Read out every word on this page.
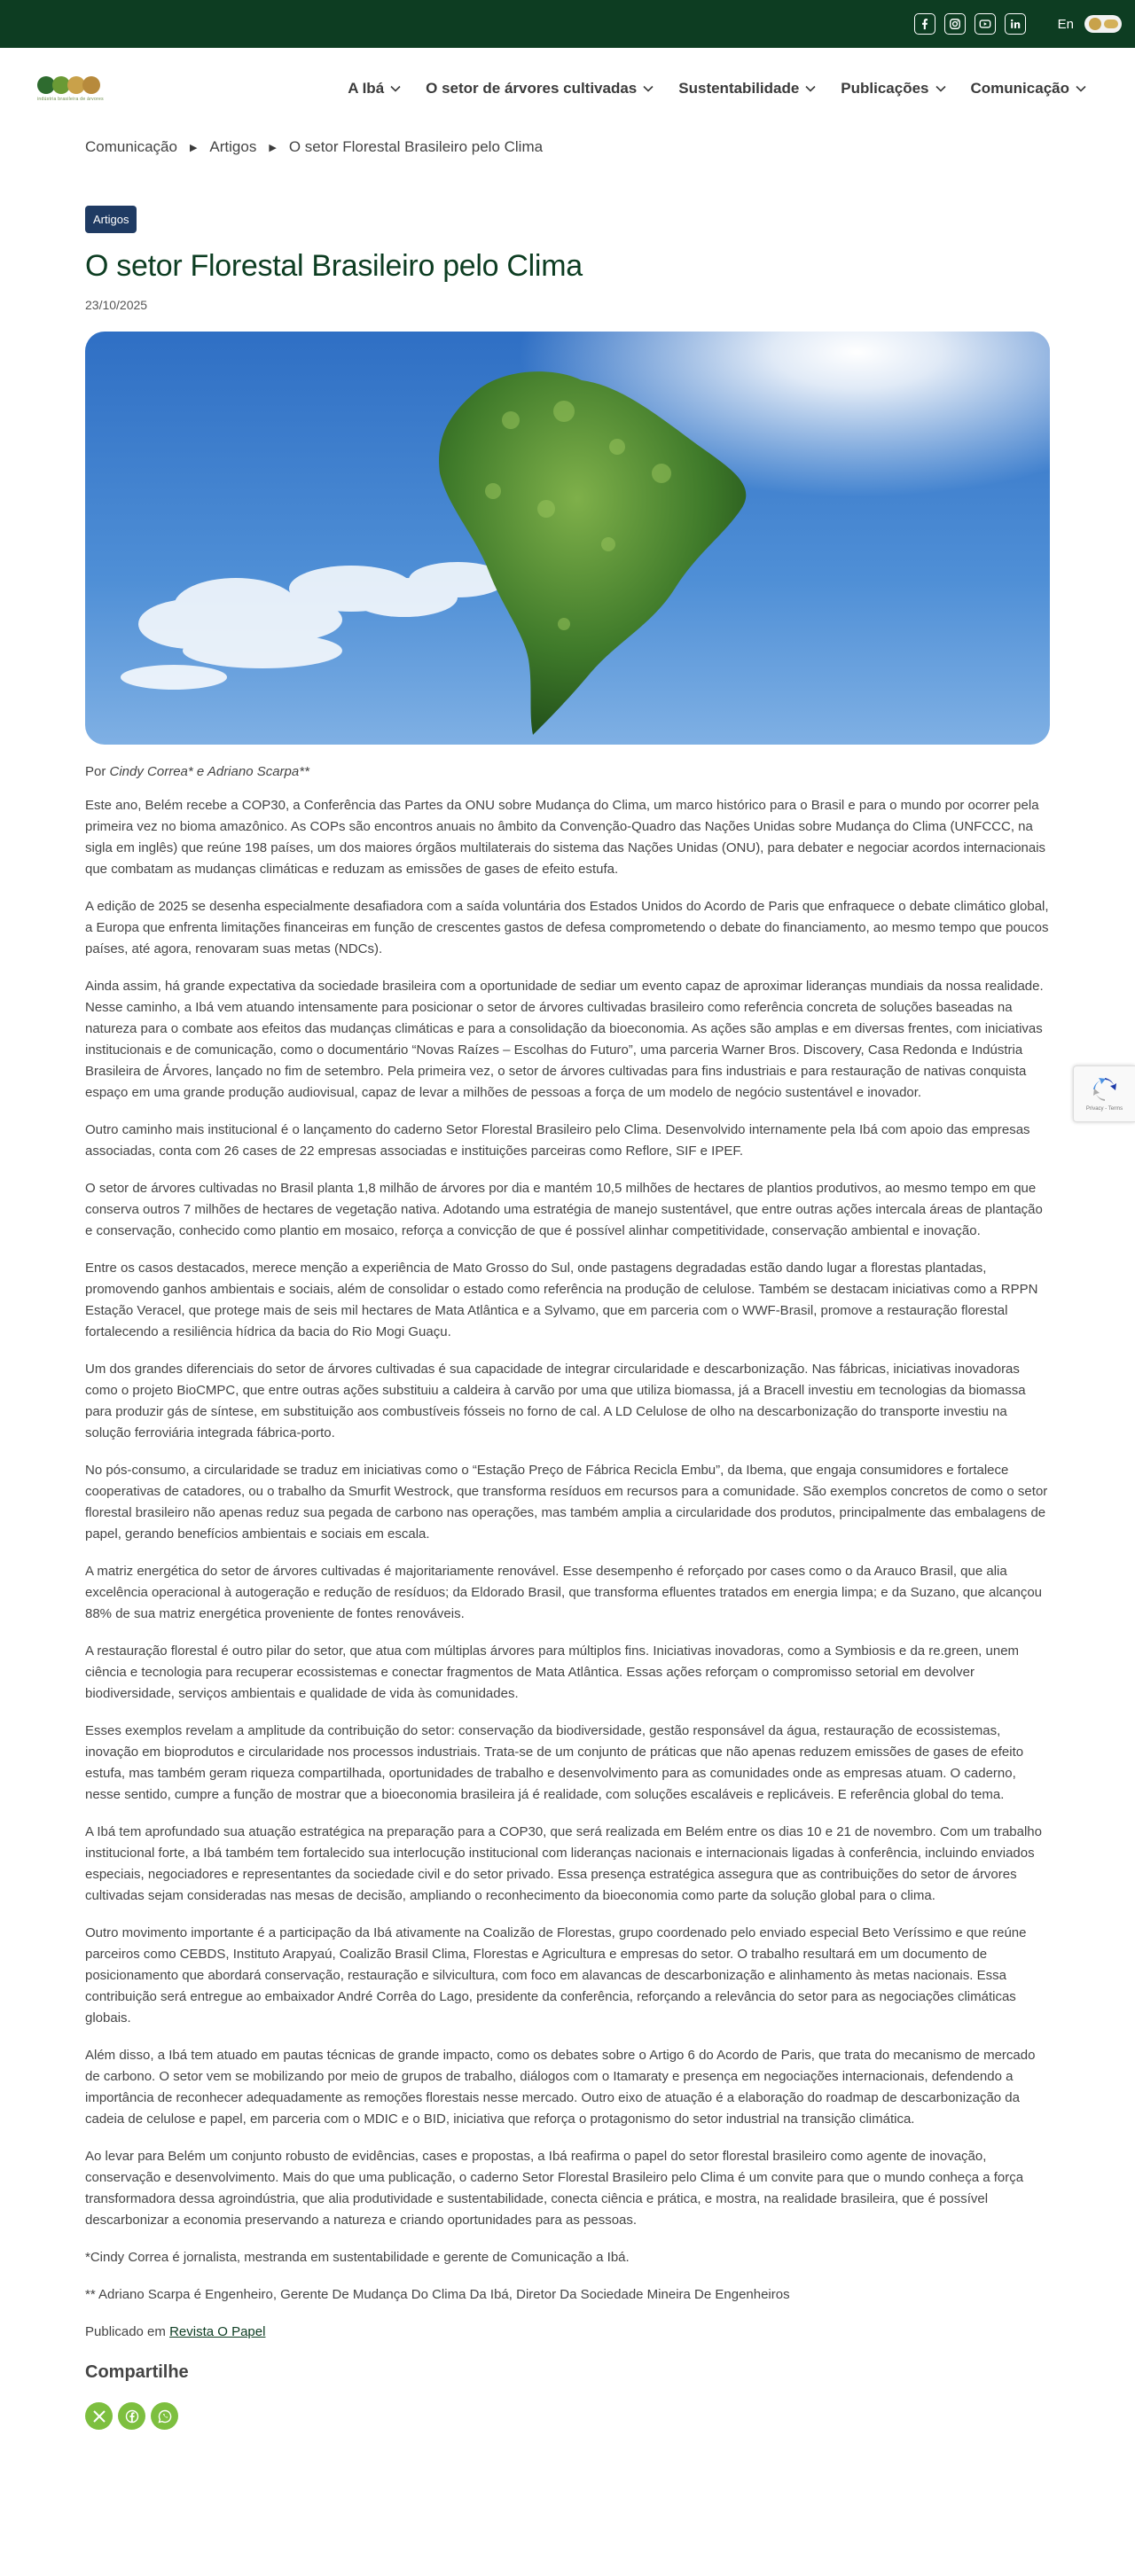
En
indústria brasileira de árvores
A Ibá	O setor de árvores cultivadas	Sustentabilidade	Publicações	Comunicação
Comunicação ▶ Artigos ▶ O setor Florestal Brasileiro pelo Clima
Artigos
O setor Florestal Brasileiro pelo Clima
23/10/2025

Por Cindy Correa* e Adriano Scarpa**

Este ano, Belém recebe a COP30, a Conferência das Partes da ONU sobre Mudança do Clima, um marco histórico para o Brasil e para o mundo por ocorrer pela primeira vez no bioma amazônico. As COPs são encontros anuais no âmbito da Convenção-Quadro das Nações Unidas sobre Mudança do Clima (UNFCCC, na sigla em inglês) que reúne 198 países, um dos maiores órgãos multilaterais do sistema das Nações Unidas (ONU), para debater e negociar acordos internacionais que combatam as mudanças climáticas e reduzam as emissões de gases de efeito estufa.

A edição de 2025 se desenha especialmente desafiadora com a saída voluntária dos Estados Unidos do Acordo de Paris que enfraquece o debate climático global, a Europa que enfrenta limitações financeiras em função de crescentes gastos de defesa comprometendo o debate do financiamento, ao mesmo tempo que poucos países, até agora, renovaram suas metas (NDCs).

Ainda assim, há grande expectativa da sociedade brasileira com a oportunidade de sediar um evento capaz de aproximar lideranças mundiais da nossa realidade. Nesse caminho, a Ibá vem atuando intensamente para posicionar o setor de árvores cultivadas brasileiro como referência concreta de soluções baseadas na natureza para o combate aos efeitos das mudanças climáticas e para a consolidação da bioeconomia. As ações são amplas e em diversas frentes, com iniciativas institucionais e de comunicação, como o documentário “Novas Raízes – Escolhas do Futuro”, uma parceria Warner Bros. Discovery, Casa Redonda e Indústria Brasileira de Árvores, lançado no fim de setembro. Pela primeira vez, o setor de árvores cultivadas para fins industriais e para restauração de nativas conquista espaço em uma grande produção audiovisual, capaz de levar a milhões de pessoas a força de um modelo de negócio sustentável e inovador.

Outro caminho mais institucional é o lançamento do caderno Setor Florestal Brasileiro pelo Clima. Desenvolvido internamente pela Ibá com apoio das empresas associadas, conta com 26 cases de 22 empresas associadas e instituições parceiras como Reflore, SIF e IPEF.

O setor de árvores cultivadas no Brasil planta 1,8 milhão de árvores por dia e mantém 10,5 milhões de hectares de plantios produtivos, ao mesmo tempo em que conserva outros 7 milhões de hectares de vegetação nativa. Adotando uma estratégia de manejo sustentável, que entre outras ações intercala áreas de plantação e conservação, conhecido como plantio em mosaico, reforça a convicção de que é possível alinhar competitividade, conservação ambiental e inovação.

Entre os casos destacados, merece menção a experiência de Mato Grosso do Sul, onde pastagens degradadas estão dando lugar a florestas plantadas, promovendo ganhos ambientais e sociais, além de consolidar o estado como referência na produção de celulose. Também se destacam iniciativas como a RPPN Estação Veracel, que protege mais de seis mil hectares de Mata Atlântica e a Sylvamo, que em parceria com o WWF-Brasil, promove a restauração florestal fortalecendo a resiliência hídrica da bacia do Rio Mogi Guaçu.

Um dos grandes diferenciais do setor de árvores cultivadas é sua capacidade de integrar circularidade e descarbonização. Nas fábricas, iniciativas inovadoras como o projeto BioCMPC, que entre outras ações substituiu a caldeira à carvão por uma que utiliza biomassa, já a Bracell investiu em tecnologias da biomassa para produzir gás de síntese, em substituição aos combustíveis fósseis no forno de cal. A LD Celulose de olho na descarbonização do transporte investiu na solução ferroviária integrada fábrica-porto.

No pós-consumo, a circularidade se traduz em iniciativas como o “Estação Preço de Fábrica Recicla Embu”, da Ibema, que engaja consumidores e fortalece cooperativas de catadores, ou o trabalho da Smurfit Westrock, que transforma resíduos em recursos para a comunidade. São exemplos concretos de como o setor florestal brasileiro não apenas reduz sua pegada de carbono nas operações, mas também amplia a circularidade dos produtos, principalmente das embalagens de papel, gerando benefícios ambientais e sociais em escala.

A matriz energética do setor de árvores cultivadas é majoritariamente renovável. Esse desempenho é reforçado por cases como o da Arauco Brasil, que alia excelência operacional à autogeração e redução de resíduos; da Eldorado Brasil, que transforma efluentes tratados em energia limpa; e da Suzano, que alcançou 88% de sua matriz energética proveniente de fontes renováveis.

A restauração florestal é outro pilar do setor, que atua com múltiplas árvores para múltiplos fins. Iniciativas inovadoras, como a Symbiosis e da re.green, unem ciência e tecnologia para recuperar ecossistemas e conectar fragmentos de Mata Atlântica. Essas ações reforçam o compromisso setorial em devolver biodiversidade, serviços ambientais e qualidade de vida às comunidades.

Esses exemplos revelam a amplitude da contribuição do setor: conservação da biodiversidade, gestão responsável da água, restauração de ecossistemas, inovação em bioprodutos e circularidade nos processos industriais. Trata-se de um conjunto de práticas que não apenas reduzem emissões de gases de efeito estufa, mas também geram riqueza compartilhada, oportunidades de trabalho e desenvolvimento para as comunidades onde as empresas atuam. O caderno, nesse sentido, cumpre a função de mostrar que a bioeconomia brasileira já é realidade, com soluções escaláveis e replicáveis. E referência global do tema.

A Ibá tem aprofundado sua atuação estratégica na preparação para a COP30, que será realizada em Belém entre os dias 10 e 21 de novembro. Com um trabalho institucional forte, a Ibá também tem fortalecido sua interlocução institucional com lideranças nacionais e internacionais ligadas à conferência, incluindo enviados especiais, negociadores e representantes da sociedade civil e do setor privado. Essa presença estratégica assegura que as contribuições do setor de árvores cultivadas sejam consideradas nas mesas de decisão, ampliando o reconhecimento da bioeconomia como parte da solução global para o clima.

Outro movimento importante é a participação da Ibá ativamente na Coalizão de Florestas, grupo coordenado pelo enviado especial Beto Veríssimo e que reúne parceiros como CEBDS, Instituto Arapyaú, Coalizão Brasil Clima, Florestas e Agricultura e empresas do setor. O trabalho resultará em um documento de posicionamento que abordará conservação, restauração e silvicultura, com foco em alavancas de descarbonização e alinhamento às metas nacionais. Essa contribuição será entregue ao embaixador André Corrêa do Lago, presidente da conferência, reforçando a relevância do setor para as negociações climáticas globais.

Além disso, a Ibá tem atuado em pautas técnicas de grande impacto, como os debates sobre o Artigo 6 do Acordo de Paris, que trata do mecanismo de mercado de carbono. O setor vem se mobilizando por meio de grupos de trabalho, diálogos com o Itamaraty e presença em negociações internacionais, defendendo a importância de reconhecer adequadamente as remoções florestais nesse mercado. Outro eixo de atuação é a elaboração do roadmap de descarbonização da cadeia de celulose e papel, em parceria com o MDIC e o BID, iniciativa que reforça o protagonismo do setor industrial na transição climática.

Ao levar para Belém um conjunto robusto de evidências, cases e propostas, a Ibá reafirma o papel do setor florestal brasileiro como agente de inovação, conservação e desenvolvimento. Mais do que uma publicação, o caderno Setor Florestal Brasileiro pelo Clima é um convite para que o mundo conheça a força transformadora dessa agroindústria, que alia produtividade e sustentabilidade, conecta ciência e prática, e mostra, na realidade brasileira, que é possível descarbonizar a economia preservando a natureza e criando oportunidades para as pessoas.

*Cindy Correa é jornalista, mestranda em sustentabilidade e gerente de Comunicação a Ibá.

** Adriano Scarpa é Engenheiro, Gerente De Mudança Do Clima Da Ibá, Diretor Da Sociedade Mineira De Engenheiros

Publicado em Revista O Papel

Compartilhe
Privacy - Terms
